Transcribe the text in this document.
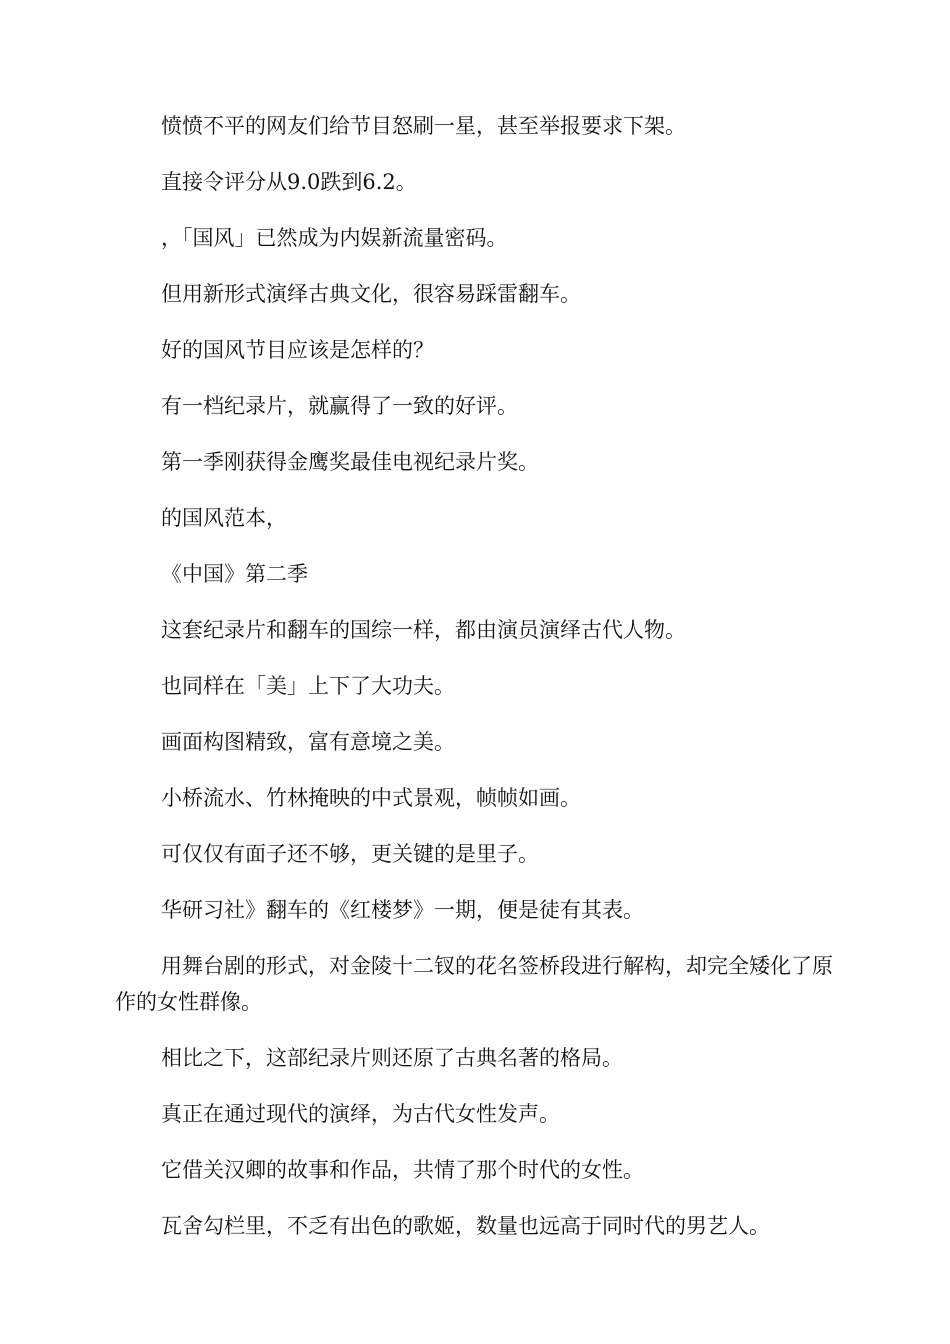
愤愤不平的网友们给节目怒刷一星，甚至举报要求下架。

直接令评分从9.0跌到6.2。

，「国风」已然成为内娱新流量密码。

但用新形式演绎古典文化，很容易踩雷翻车。

好的国风节目应该是怎样的？

有一档纪录片，就赢得了一致的好评。

第一季刚获得金鹰奖最佳电视纪录片奖。

的国风范本，

《中国》第二季

这套纪录片和翻车的国综一样，都由演员演绎古代人物。

也同样在「美」上下了大功夫。

画面构图精致，富有意境之美。

小桥流水、竹林掩映的中式景观，帧帧如画。

可仅仅有面子还不够，更关键的是里子。

华研习社》翻车的《红楼梦》一期，便是徒有其表。

用舞台剧的形式，对金陵十二钗的花名签桥段进行解构，却完全矮化了原作的女性群像。

相比之下，这部纪录片则还原了古典名著的格局。

真正在通过现代的演绎，为古代女性发声。

它借关汉卿的故事和作品，共情了那个时代的女性。

瓦舍勾栏里，不乏有出色的歌姬，数量也远高于同时代的男艺人。
